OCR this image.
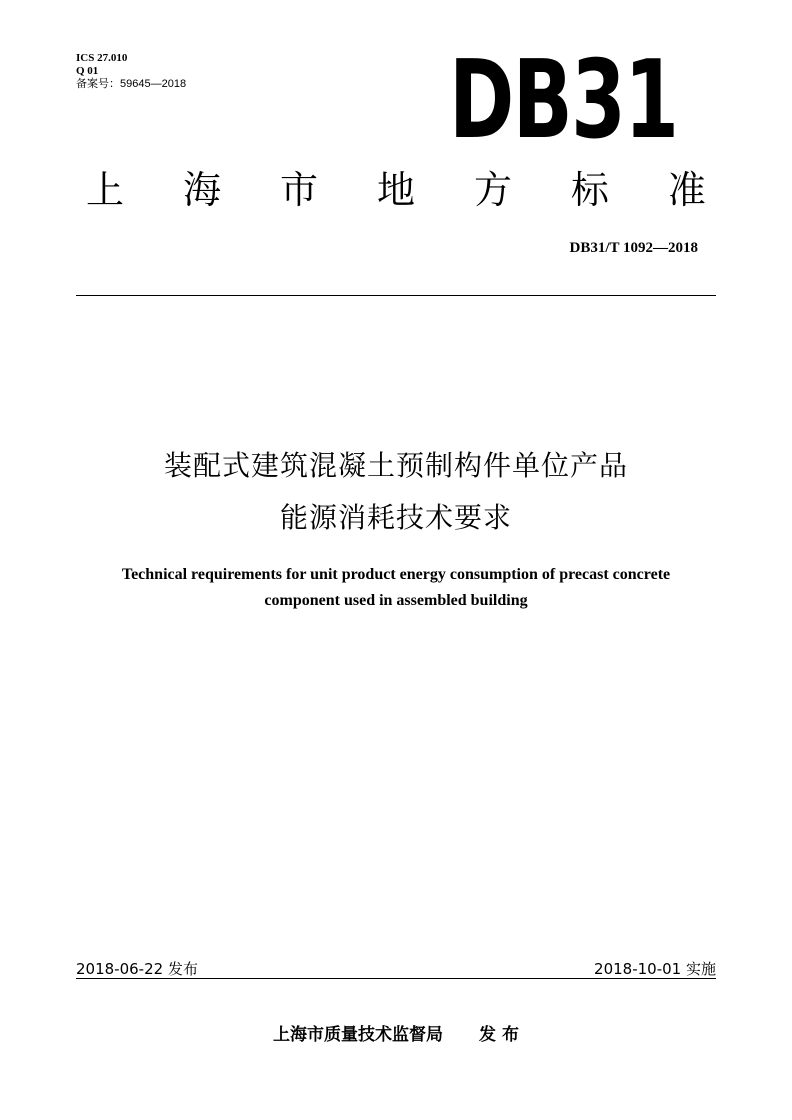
ICS 27.010
Q 01
备案号：59645—2018	DB31
上 海 市 地 方 标 准
DB31/T 1092—2018
装配式建筑混凝土预制构件单位产品
能源消耗技术要求
Technical requirements for unit product energy consumption of precast concrete
component used in assembled building
2018-06-22 发布	2018-10-01 实施
上海市质量技术监督局 发 布
